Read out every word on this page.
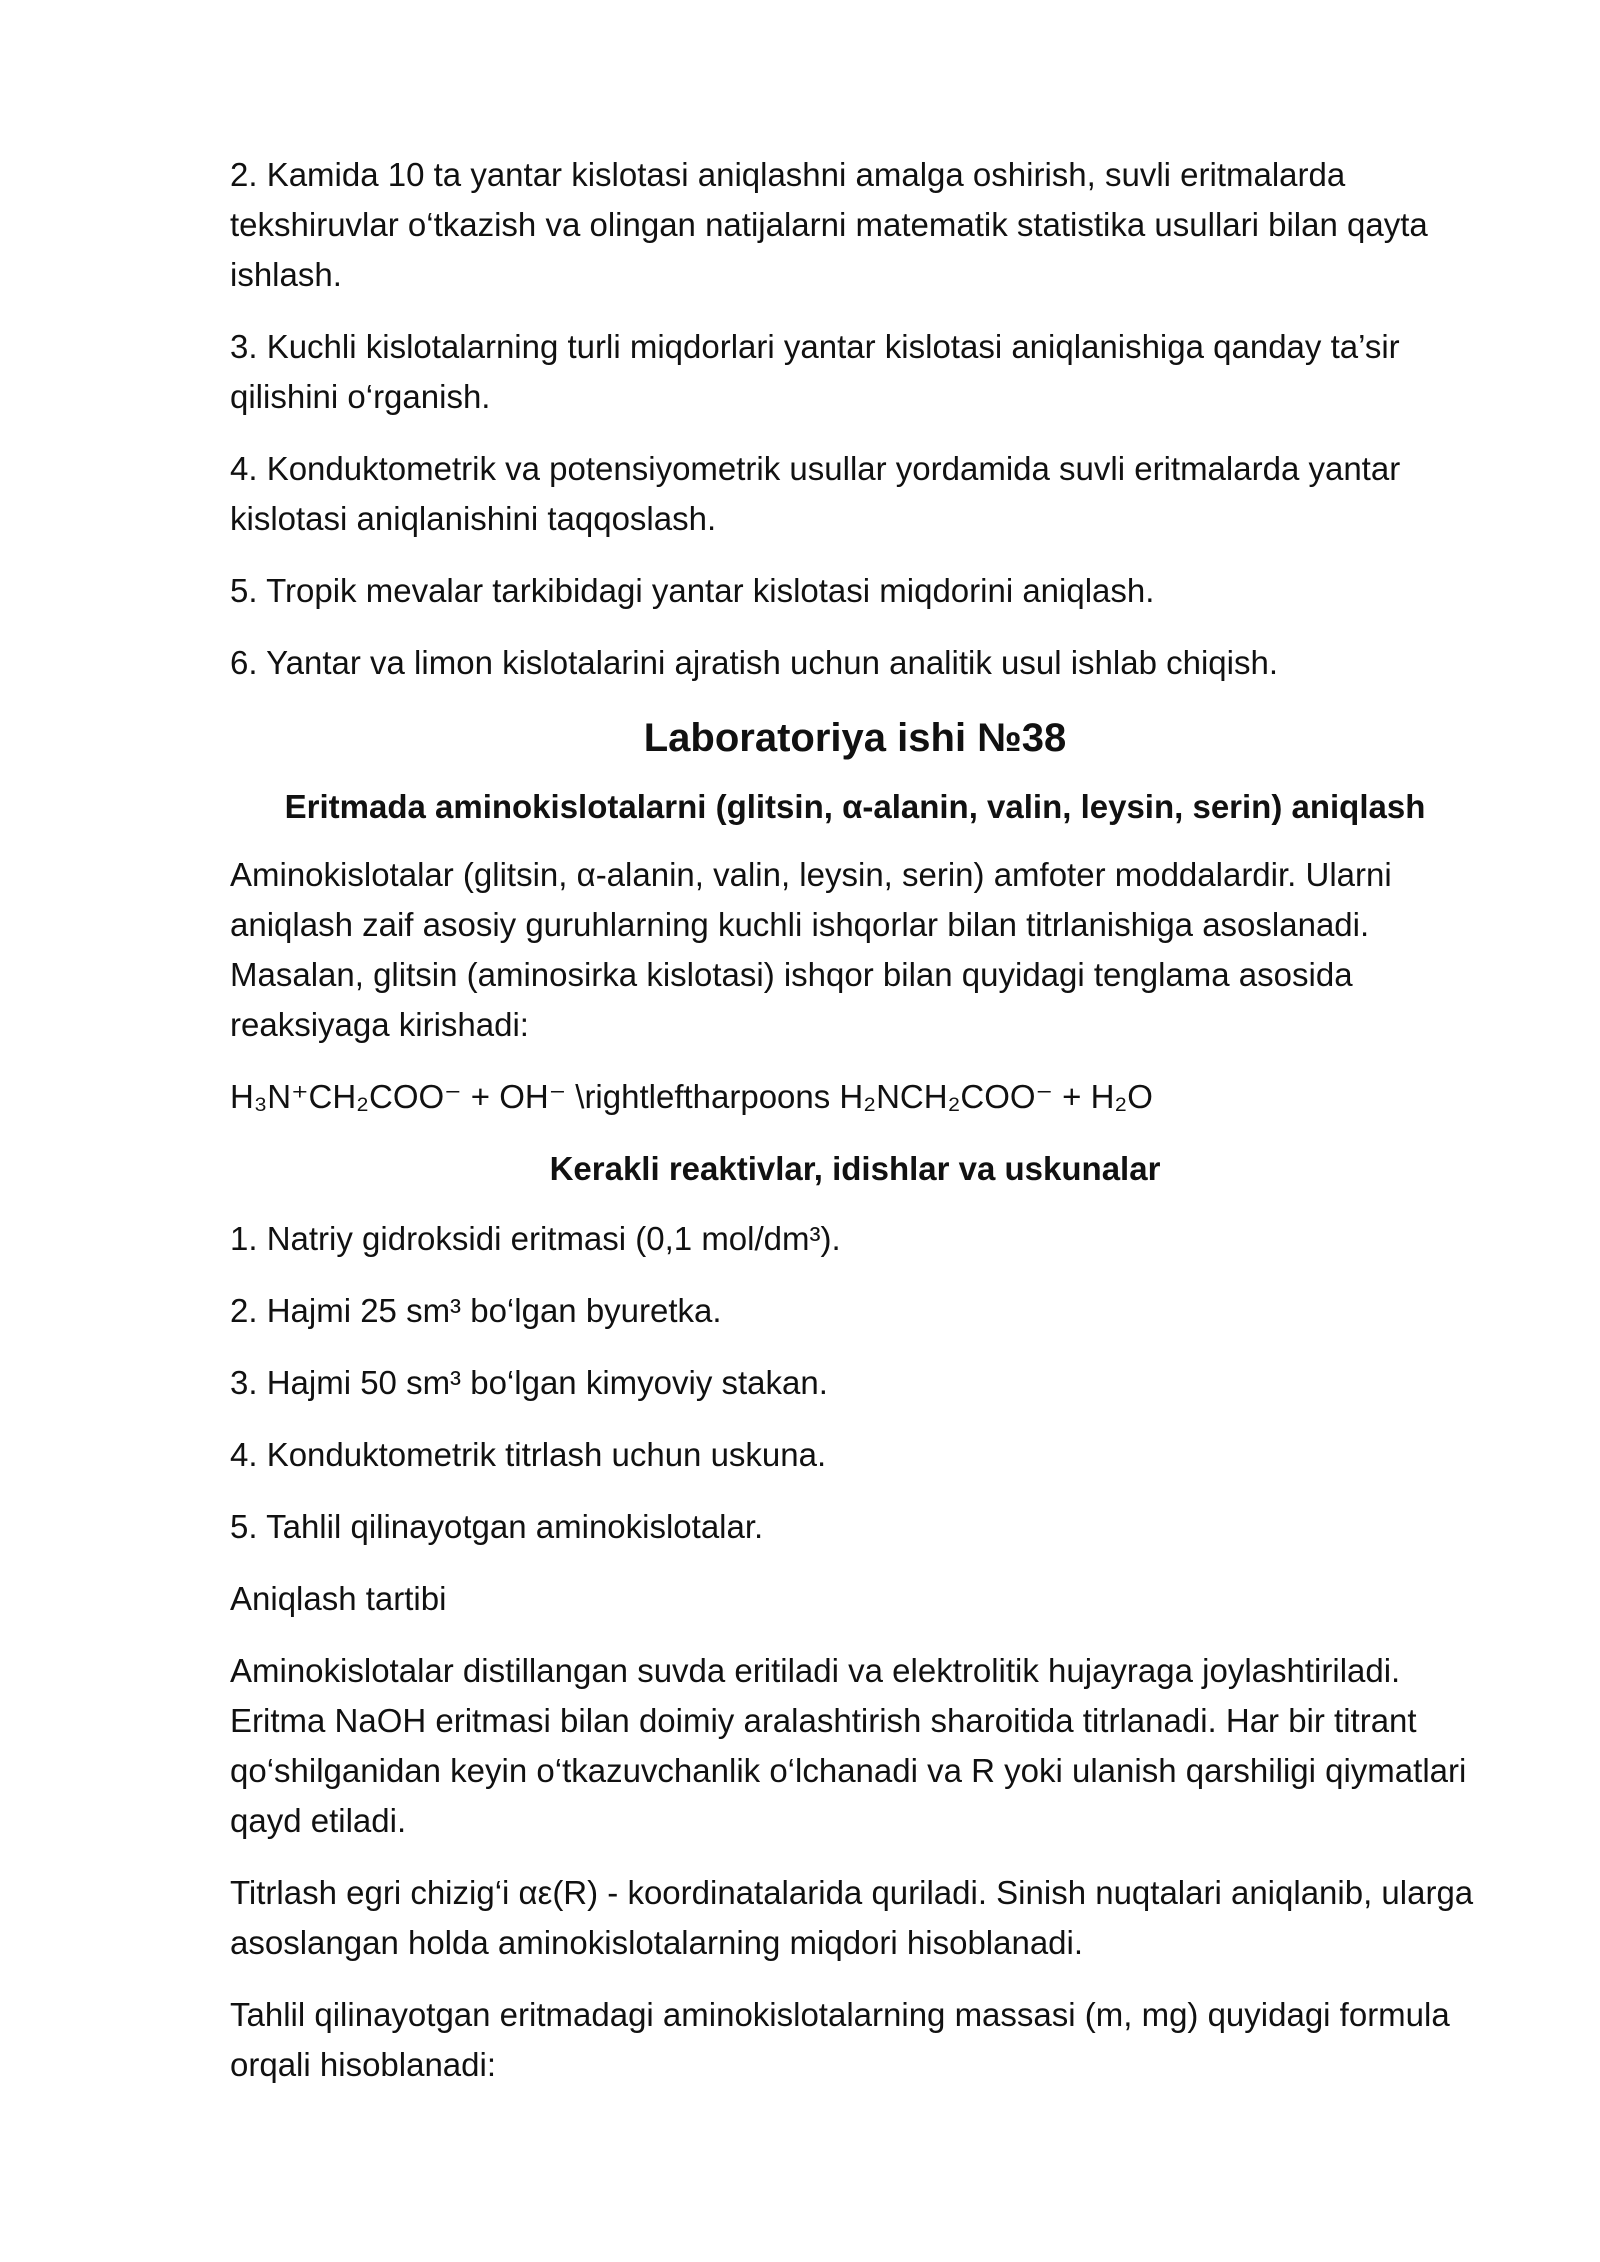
2. Kamida 10 ta yantar kislotasi aniqlashni amalga oshirish, suvli eritmalarda tekshiruvlar o‘tkazish va olingan natijalarni matematik statistika usullari bilan qayta ishlash.

3. Kuchli kislotalarning turli miqdorlari yantar kislotasi aniqlanishiga qanday ta’sir qilishini o‘rganish.

4. Konduktometrik va potensiyometrik usullar yordamida suvli eritmalarda yantar kislotasi aniqlanishini taqqoslash.

5. Tropik mevalar tarkibidagi yantar kislotasi miqdorini aniqlash.

6. Yantar va limon kislotalarini ajratish uchun analitik usul ishlab chiqish.

Laboratoriya ishi №38
Eritmada aminokislotalarni (glitsin, α-alanin, valin, leysin, serin) aniqlash

Aminokislotalar (glitsin, α-alanin, valin, leysin, serin) amfoter moddalardir. Ularni aniqlash zaif asosiy guruhlarning kuchli ishqorlar bilan titrlanishiga asoslanadi. Masalan, glitsin (aminosirka kislotasi) ishqor bilan quyidagi tenglama asosida reaksiyaga kirishadi:

H₃N⁺CH₂COO⁻ + OH⁻ \rightleftharpoons H₂NCH₂COO⁻ + H₂O

Kerakli reaktivlar, idishlar va uskunalar

1. Natriy gidroksidi eritmasi (0,1 mol/dm³).

2. Hajmi 25 sm³ bo‘lgan byuretka.

3. Hajmi 50 sm³ bo‘lgan kimyoviy stakan.

4. Konduktometrik titrlash uchun uskuna.

5. Tahlil qilinayotgan aminokislotalar.

Aniqlash tartibi

Aminokislotalar distillangan suvda eritiladi va elektrolitik hujayraga joylashtiriladi. Eritma NaOH eritmasi bilan doimiy aralashtirish sharoitida titrlanadi. Har bir titrant qo‘shilganidan keyin o‘tkazuvchanlik o‘lchanadi va R yoki ulanish qarshiligi qiymatlari qayd etiladi.

Titrlash egri chizig‘i αε(R) - koordinatalarida quriladi. Sinish nuqtalari aniqlanib, ularga asoslangan holda aminokislotalarning miqdori hisoblanadi.

Tahlil qilinayotgan eritmadagi aminokislotalarning massasi (m, mg) quyidagi formula orqali hisoblanadi:
